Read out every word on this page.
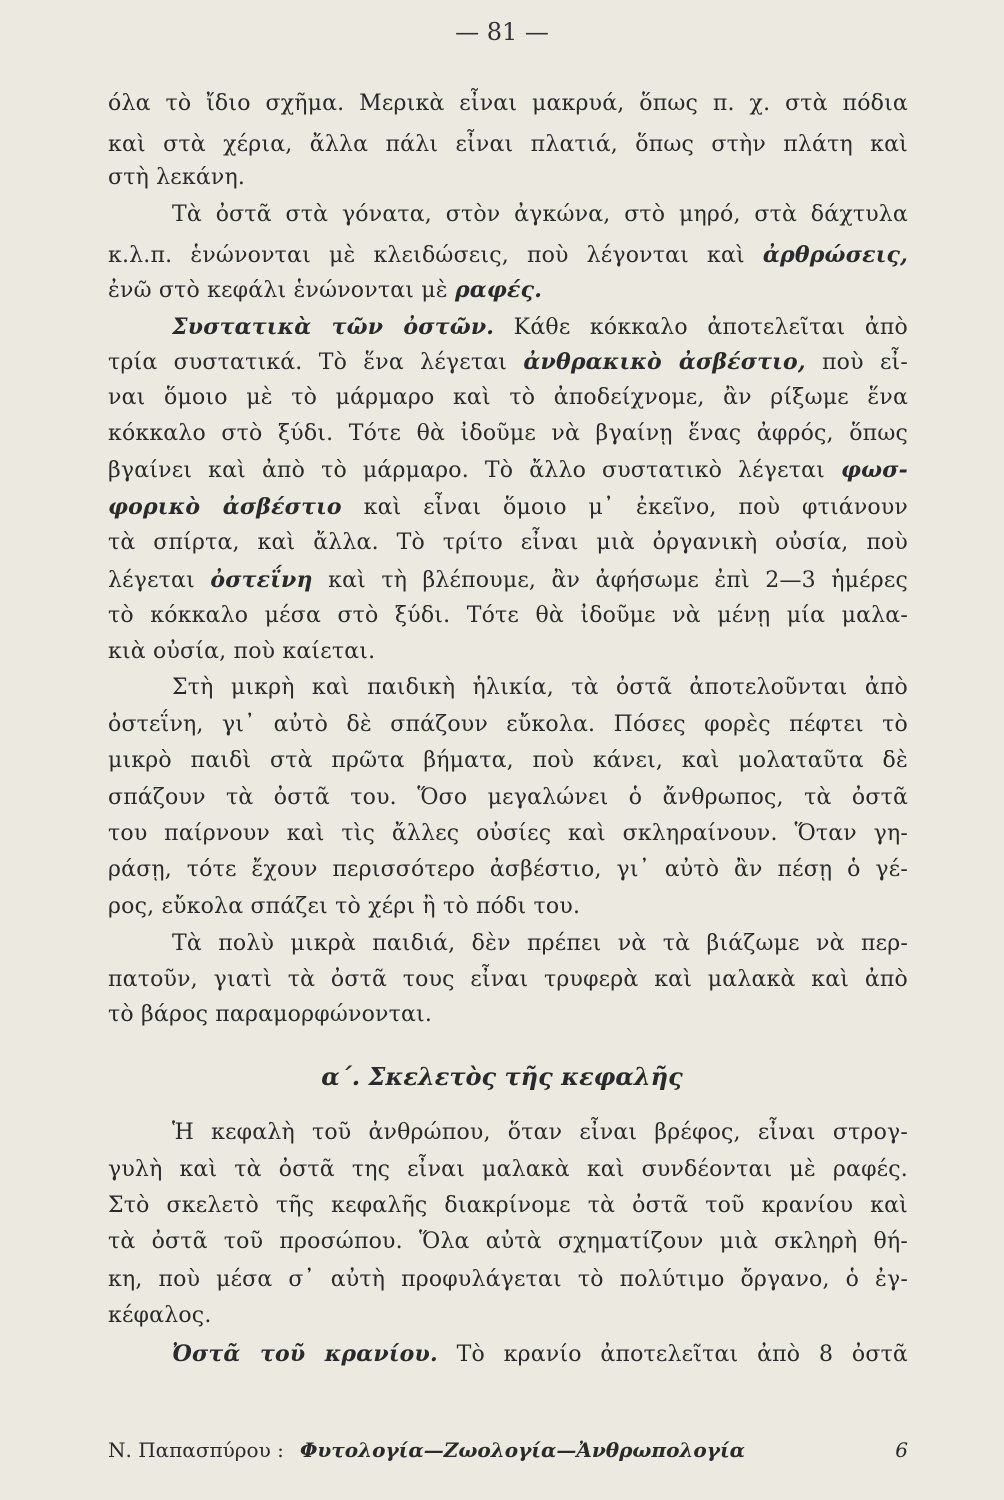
— 81 —
όλα τὸ ἴδιο σχῆμα. Μερικὰ εἶναι μακρυά, ὅπως π. χ. στὰ πόδια
καὶ στὰ χέρια, ἄλλα πάλι εἶναι πλατιά, ὅπως στὴν πλάτη καὶ
στὴ λεκάνη.
Τὰ ὀστᾶ στὰ γόνατα, στὸν ἀγκώνα, στὸ μηρό, στὰ δάχτυλα
κ.λ.π. ἑνώνονται μὲ κλειδώσεις, ποὺ λέγονται καὶ ἀρθρώσεις,
ἐνῶ στὸ κεφάλι ἑνώνονται μὲ ραφές.
Συστατικὰ τῶν ὀστῶν. Κάθε κόκκαλο ἀποτελεῖται ἀπὸ
τρία συστατικά. Τὸ ἕνα λέγεται ἀνθρακικὸ ἀσβέστιο, ποὺ εἶ-
ναι ὅμοιο μὲ τὸ μάρμαρο καὶ τὸ ἀποδείχνομε, ἂν ρίξωμε ἕνα
κόκκαλο στὸ ξύδι. Τότε θὰ ἰδοῦμε νὰ βγαίνῃ ἕνας ἀφρός, ὅπως
βγαίνει καὶ ἀπὸ τὸ μάρμαρο. Τὸ ἄλλο συστατικὸ λέγεται φωσ-
φορικὸ ἀσβέστιο καὶ εἶναι ὅμοιο μ᾽ ἐκεῖνο, ποὺ φτιάνουν
τὰ σπίρτα, καὶ ἄλλα. Τὸ τρίτο εἶναι μιὰ ὀργανικὴ οὐσία, ποὺ
λέγεται ὀστεΐνη καὶ τὴ βλέπουμε, ἂν ἀφήσωμε ἐπὶ 2—3 ἡμέρες
τὸ κόκκαλο μέσα στὸ ξύδι. Τότε θὰ ἰδοῦμε νὰ μένῃ μία μαλα-
κιὰ οὐσία, ποὺ καίεται.
Στὴ μικρὴ καὶ παιδικὴ ἡλικία, τὰ ὀστᾶ ἀποτελοῦνται ἀπὸ
ὀστεΐνη, γι᾽ αὐτὸ δὲ σπάζουν εὔκολα. Πόσες φορὲς πέφτει τὸ
μικρὸ παιδὶ στὰ πρῶτα βήματα, ποὺ κάνει, καὶ μολαταῦτα δὲ
σπάζουν τὰ ὀστᾶ του. Ὅσο μεγαλώνει ὁ ἄνθρωπος, τὰ ὀστᾶ
του παίρνουν καὶ τὶς ἄλλες οὐσίες καὶ σκληραίνουν. Ὅταν γη-
ράσῃ, τότε ἔχουν περισσότερο ἀσβέστιο, γι᾽ αὐτὸ ἂν πέσῃ ὁ γέ-
ρος, εὔκολα σπάζει τὸ χέρι ἢ τὸ πόδι του.
Τὰ πολὺ μικρὰ παιδιά, δὲν πρέπει νὰ τὰ βιάζωμε νὰ περ-
πατοῦν, γιατὶ τὰ ὀστᾶ τους εἶναι τρυφερὰ καὶ μαλακὰ καὶ ἀπὸ
τὸ βάρος παραμορφώνονται.
α΄. Σκελετὸς τῆς κεφαλῆς
Ἡ κεφαλὴ τοῦ ἀνθρώπου, ὅταν εἶναι βρέφος, εἶναι στρογ-
γυλὴ καὶ τὰ ὀστᾶ της εἶναι μαλακὰ καὶ συνδέονται μὲ ραφές.
Στὸ σκελετὸ τῆς κεφαλῆς διακρίνομε τὰ ὀστᾶ τοῦ κρανίου καὶ
τὰ ὀστᾶ τοῦ προσώπου. Ὅλα αὐτὰ σχηματίζουν μιὰ σκληρὴ θή-
κη, ποὺ μέσα σ᾽ αὐτὴ προφυλάγεται τὸ πολύτιμο ὄργανο, ὁ ἐγ-
κέφαλος.
Ὀστᾶ τοῦ κρανίου. Τὸ κρανίο ἀποτελεῖται ἀπὸ 8 ὀστᾶ
Ν. Παπασπύρου : Φυτολογία—Ζωολογία—Ἀνθρωπολογία	6
